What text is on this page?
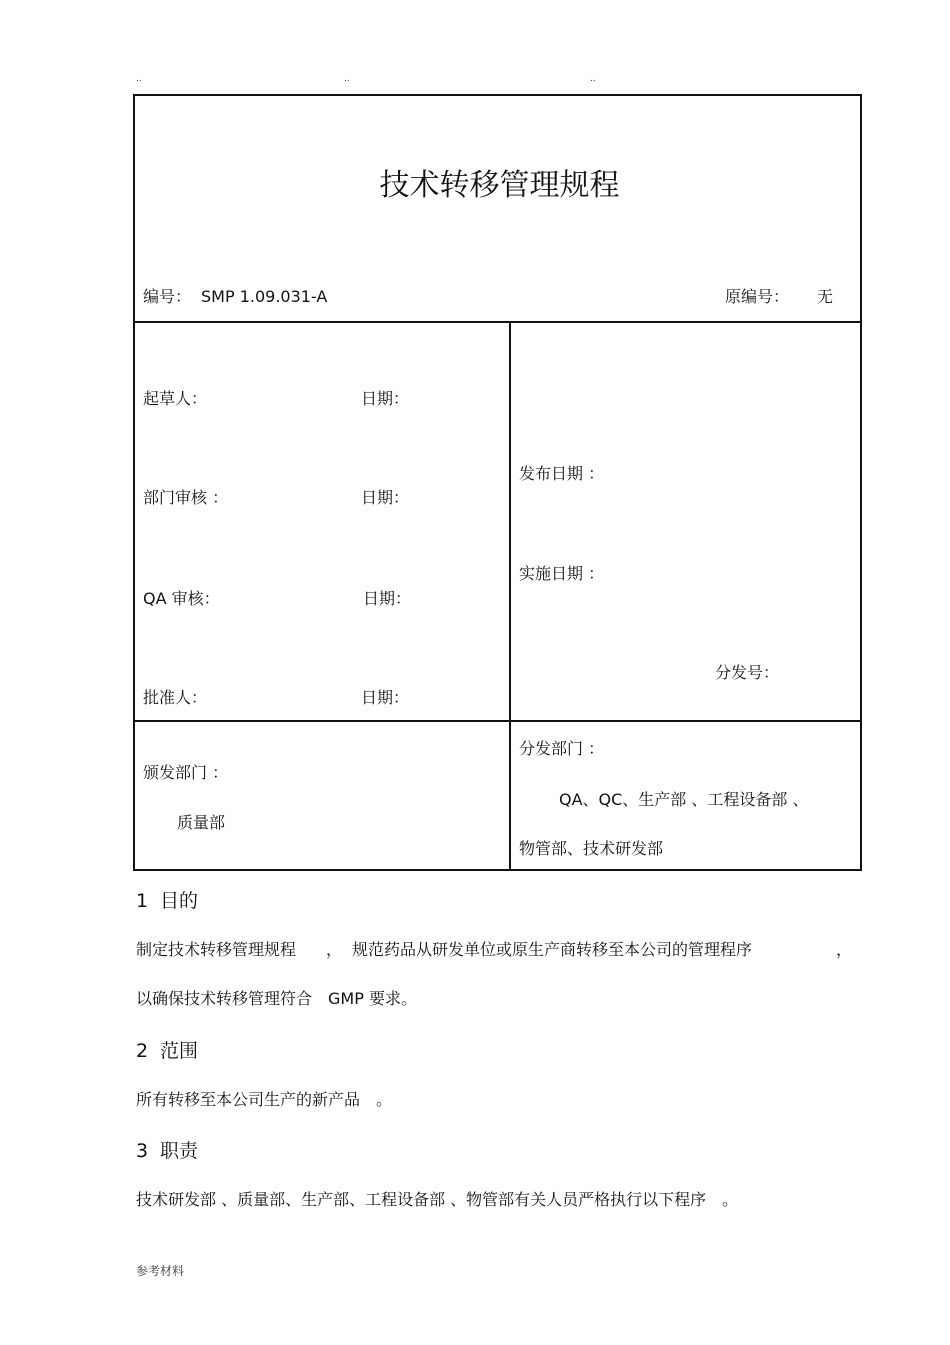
..	..	..
技术转移管理规程
编号： SMP 1.09.031-A	原编号： 无
起草人：	日期：
部门审核 ：	日期：
QA 审核：	日期：
批准人：	日期：
发布日期 ：
实施日期 ：
分发号：
颁发部门 ：
质量部
分发部门 ：
QA、QC、生产部 、工程设备部 、
物管部、技术研发部
1 目的
制定技术转移管理规程 ， 规范药品从研发单位或原生产商转移至本公司的管理程序	，
以确保技术转移管理符合　GMP 要求。
2 范围
所有转移至本公司生产的新产品　。
3 职责
技术研发部 、质量部、生产部、工程设备部 、物管部有关人员严格执行以下程序　。
参考材料
